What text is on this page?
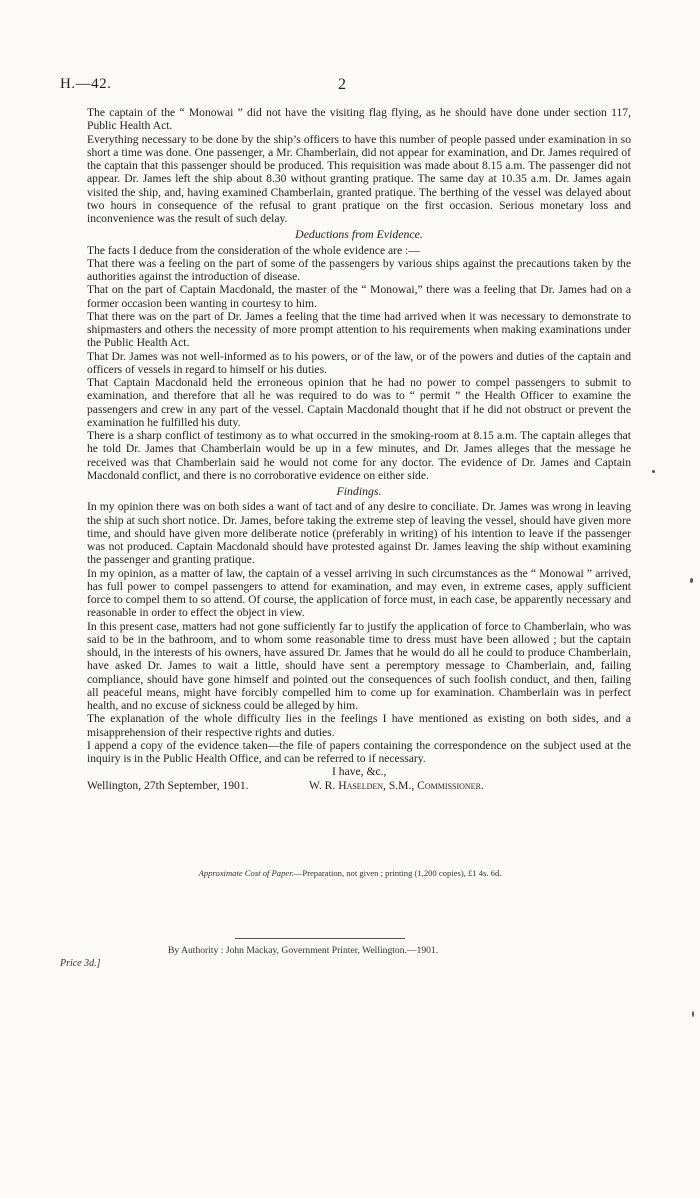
H.—42.	2

The captain of the “ Monowai ” did not have the visiting flag flying, as he should have done under section 117, Public Health Act.

Everything necessary to be done by the ship’s officers to have this number of people passed under examination in so short a time was done. One passenger, a Mr. Chamberlain, did not appear for examination, and Dr. James required of the captain that this passenger should be produced. This requisition was made about 8.15 a.m. The passenger did not appear. Dr. James left the ship about 8.30 without granting pratique. The same day at 10.35 a.m. Dr. James again visited the ship, and, having examined Chamberlain, granted pratique. The berthing of the vessel was delayed about two hours in consequence of the refusal to grant pratique on the first occasion. Serious monetary loss and inconvenience was the result of such delay.

Deductions from Evidence.

The facts I deduce from the consideration of the whole evidence are :—

That there was a feeling on the part of some of the passengers by various ships against the precautions taken by the authorities against the introduction of disease.

That on the part of Captain Macdonald, the master of the “ Monowai,” there was a feeling that Dr. James had on a former occasion been wanting in courtesy to him.

That there was on the part of Dr. James a feeling that the time had arrived when it was necessary to demonstrate to shipmasters and others the necessity of more prompt attention to his requirements when making examinations under the Public Health Act.

That Dr. James was not well-informed as to his powers, or of the law, or of the powers and duties of the captain and officers of vessels in regard to himself or his duties.

That Captain Macdonald held the erroneous opinion that he had no power to compel passengers to submit to examination, and therefore that all he was required to do was to “ permit ” the Health Officer to examine the passengers and crew in any part of the vessel. Captain Macdonald thought that if he did not obstruct or prevent the examination he fulfilled his duty.

There is a sharp conflict of testimony as to what occurred in the smoking-room at 8.15 a.m. The captain alleges that he told Dr. James that Chamberlain would be up in a few minutes, and Dr. James alleges that the message he received was that Chamberlain said he would not come for any doctor. The evidence of Dr. James and Captain Macdonald conflict, and there is no corroborative evidence on either side.

Findings.

In my opinion there was on both sides a want of tact and of any desire to conciliate. Dr. James was wrong in leaving the ship at such short notice. Dr. James, before taking the extreme step of leaving the vessel, should have given more time, and should have given more deliberate notice (preferably in writing) of his intention to leave if the passenger was not produced. Captain Macdonald should have protested against Dr. James leaving the ship without examining the passenger and granting pratique.

In my opinion, as a matter of law, the captain of a vessel arriving in such circumstances as the “ Monowai ” arrived, has full power to compel passengers to attend for examination, and may even, in extreme cases, apply sufficient force to compel them to so attend. Of course, the application of force must, in each case, be apparently necessary and reasonable in order to effect the object in view.

In this present case, matters had not gone sufficiently far to justify the application of force to Chamberlain, who was said to be in the bathroom, and to whom some reasonable time to dress must have been allowed ; but the captain should, in the interests of his owners, have assured Dr. James that he would do all he could to produce Chamberlain, have asked Dr. James to wait a little, should have sent a peremptory message to Chamberlain, and, failing compliance, should have gone himself and pointed out the consequences of such foolish conduct, and then, failing all peaceful means, might have forcibly compelled him to come up for examination. Chamberlain was in perfect health, and no excuse of sickness could be alleged by him.

The explanation of the whole difficulty lies in the feelings I have mentioned as existing on both sides, and a misapprehension of their respective rights and duties.

I append a copy of the evidence taken—the file of papers containing the correspondence on the subject used at the inquiry is in the Public Health Office, and can be referred to if necessary.

I have, &c.,
Wellington, 27th September, 1901.	W. R. Haselden, S.M., Commissioner.
Approximate Cost of Paper.—Preparation, not given ; printing (1,200 copies), £1 4s. 6d.
By Authority : John Mackay, Government Printer, Wellington.—1901.
Price 3d.]
